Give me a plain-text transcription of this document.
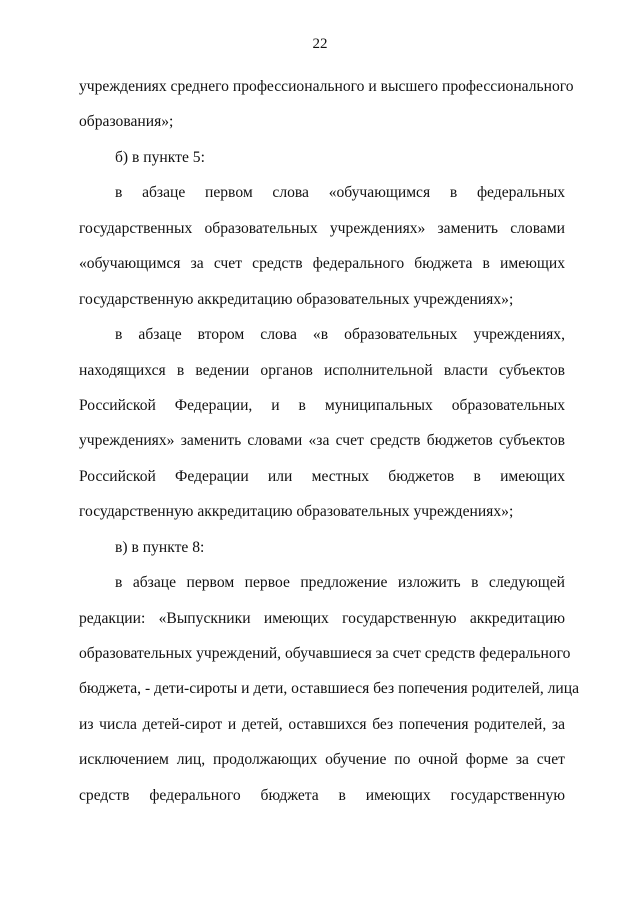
22
учреждениях среднего профессионального и высшего профессионального
образования»;
б) в пункте 5:
в абзаце первом слова «обучающимся в федеральных
государственных образовательных учреждениях» заменить словами
«обучающимся за счет средств федерального бюджета в имеющих
государственную аккредитацию образовательных учреждениях»;
в абзаце втором слова «в образовательных учреждениях,
находящихся в ведении органов исполнительной власти субъектов
Российской Федерации, и в муниципальных образовательных
учреждениях» заменить словами «за счет средств бюджетов субъектов
Российской Федерации или местных бюджетов в имеющих
государственную аккредитацию образовательных учреждениях»;
в) в пункте 8:
в абзаце первом первое предложение изложить в следующей
редакции: «Выпускники имеющих государственную аккредитацию
образовательных учреждений, обучавшиеся за счет средств федерального
бюджета, - дети-сироты и дети, оставшиеся без попечения родителей, лица
из числа детей-сирот и детей, оставшихся без попечения родителей, за
исключением лиц, продолжающих обучение по очной форме за счет
средств федерального бюджета в имеющих государственную
